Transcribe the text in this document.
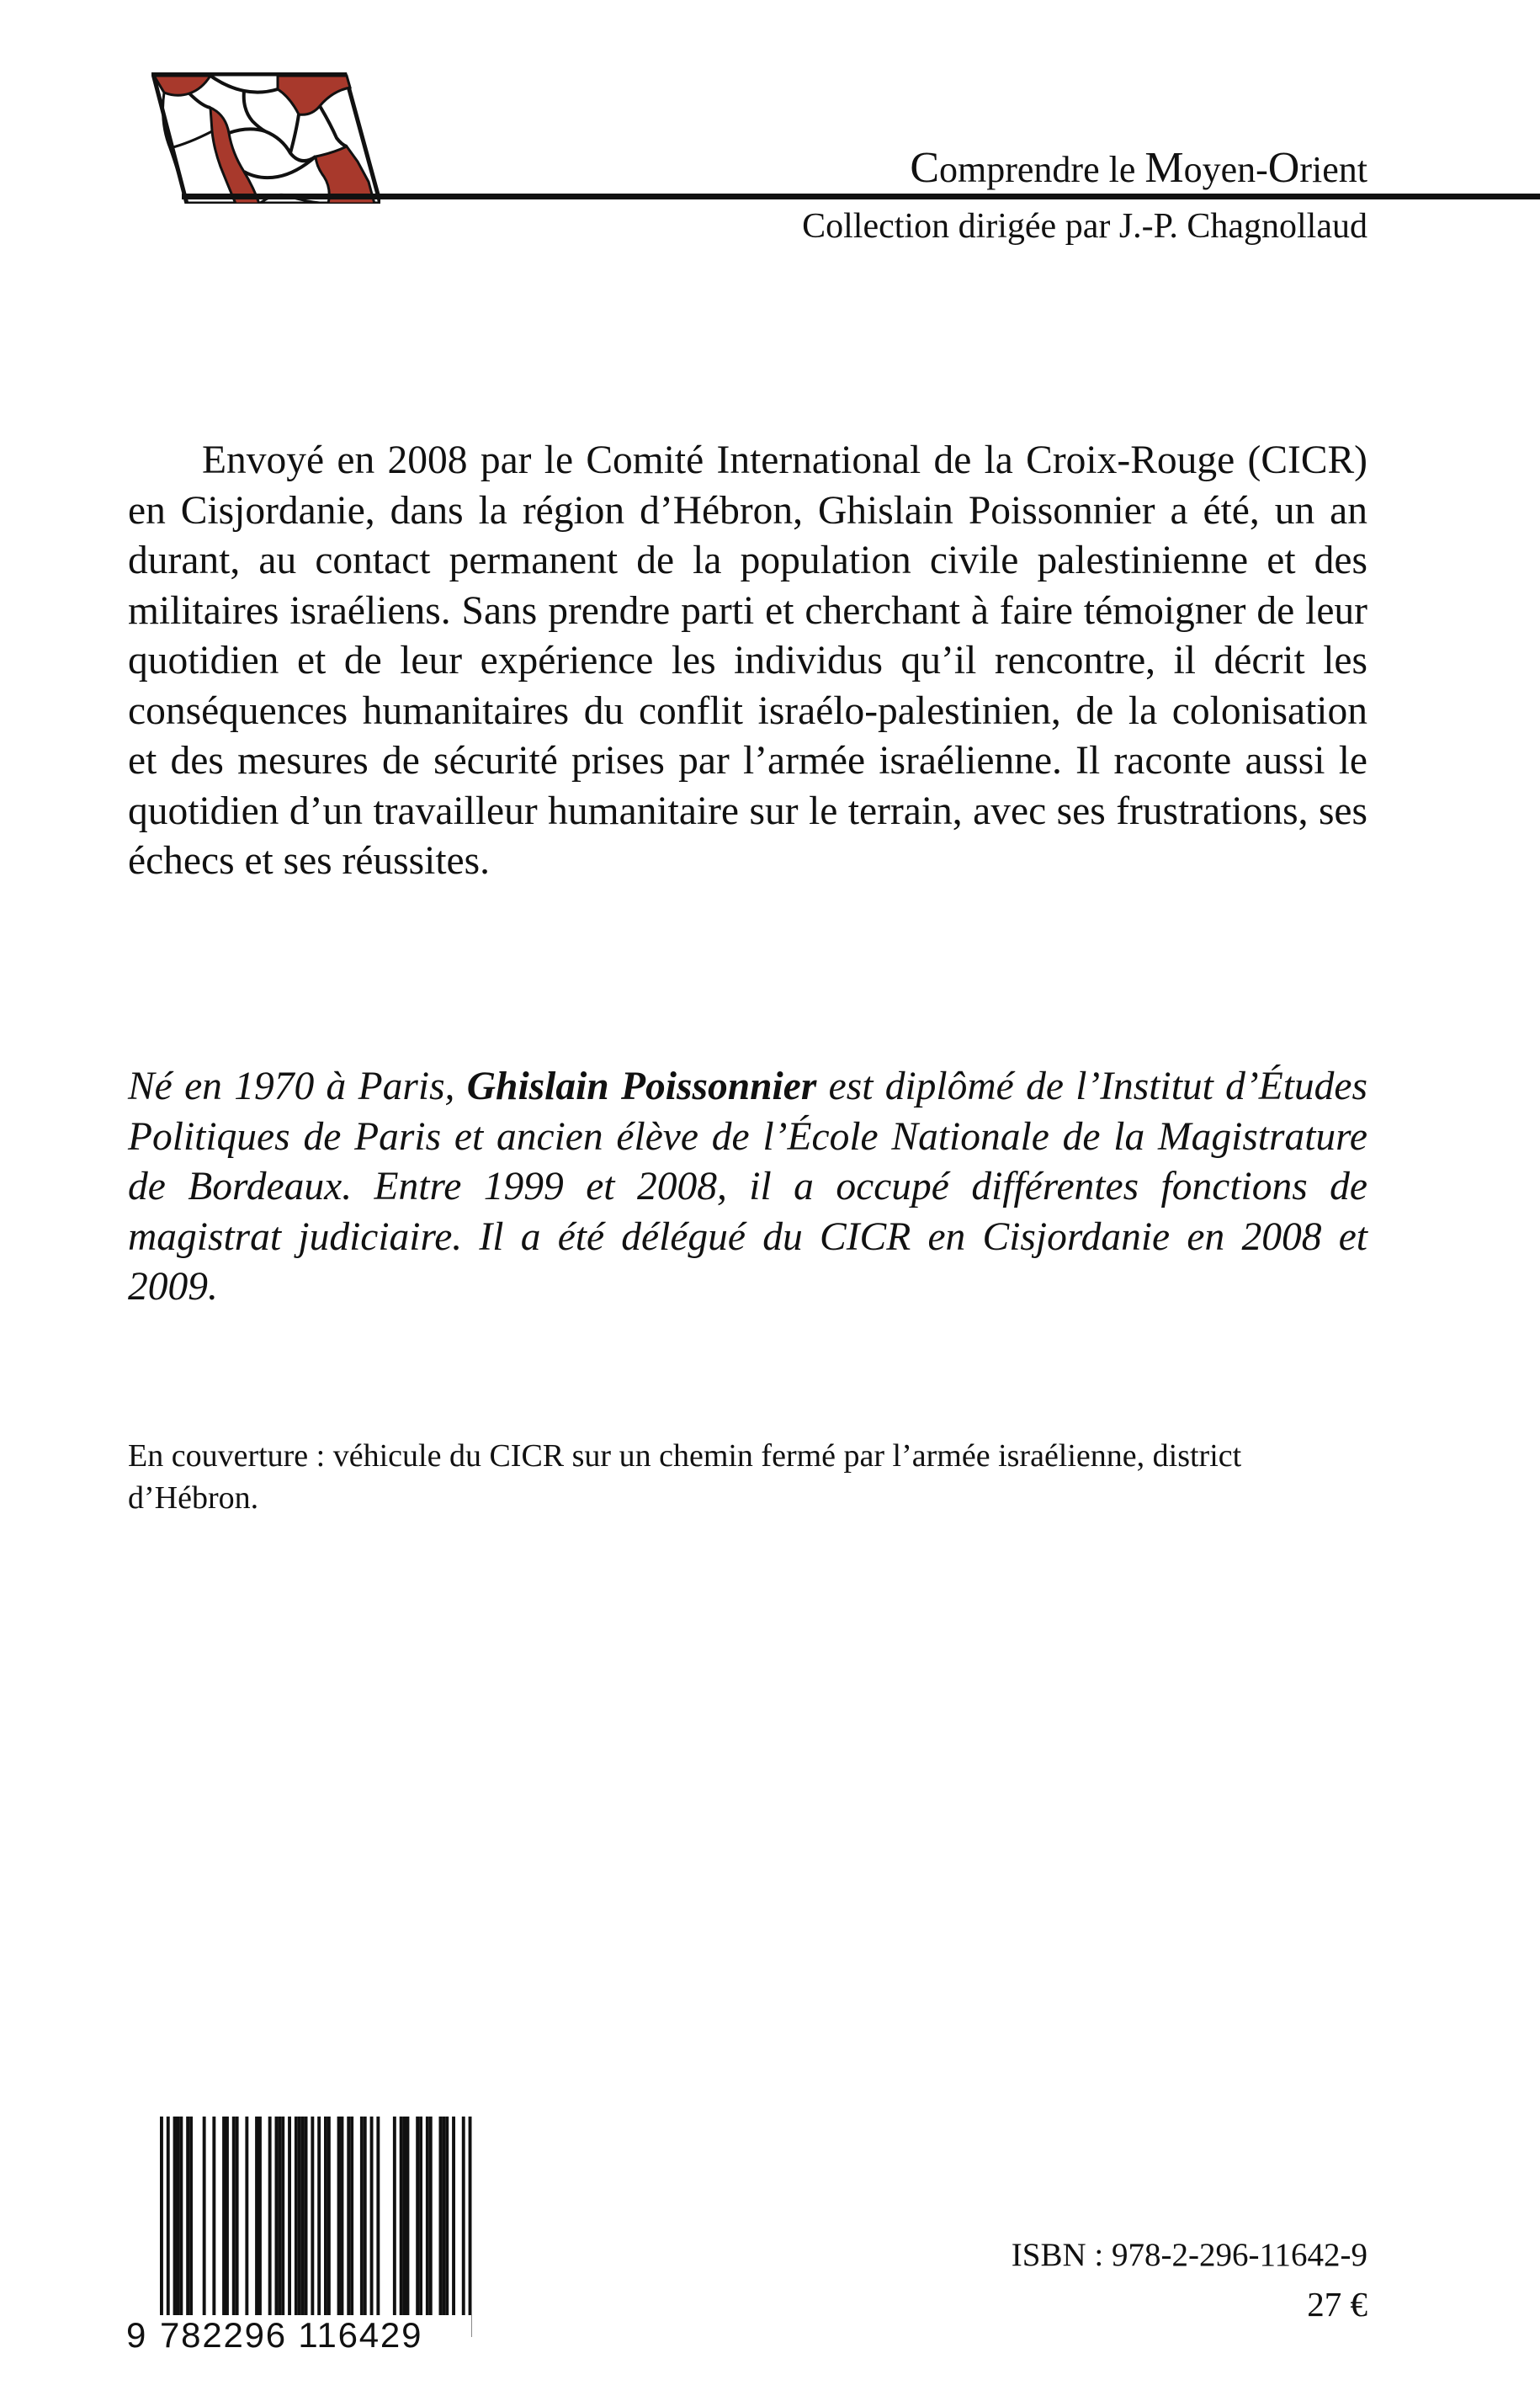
Comprendre le Moyen-Orient
Collection dirigée par J.-P. Chagnollaud

Envoyé en 2008 par le Comité International de la Croix-Rouge (CICR) en Cisjordanie, dans la région d’Hébron, Ghislain Poissonnier a été, un an durant, au contact permanent de la population civile palestinienne et des militaires israéliens. Sans prendre parti et cherchant à faire témoigner de leur quotidien et de leur expérience les individus qu’il rencontre, il décrit les conséquences humanitaires du conflit israélo-palestinien, de la colonisation et des mesures de sécurité prises par l’armée israélienne. Il raconte aussi le quotidien d’un travailleur humanitaire sur le terrain, avec ses frustrations, ses échecs et ses réussites.

Né en 1970 à Paris, Ghislain Poissonnier est diplômé de l’Institut d’Études Politiques de Paris et ancien élève de l’École Nationale de la Magistrature de Bordeaux. Entre 1999 et 2008, il a occupé différentes fonctions de magistrat judiciaire. Il a été délégué du CICR en Cisjordanie en 2008 et 2009.

En couverture : véhicule du CICR sur un chemin fermé par l’armée israélienne, district d’Hébron.

9 782296 116429
ISBN : 978-2-296-11642-9
27 €
